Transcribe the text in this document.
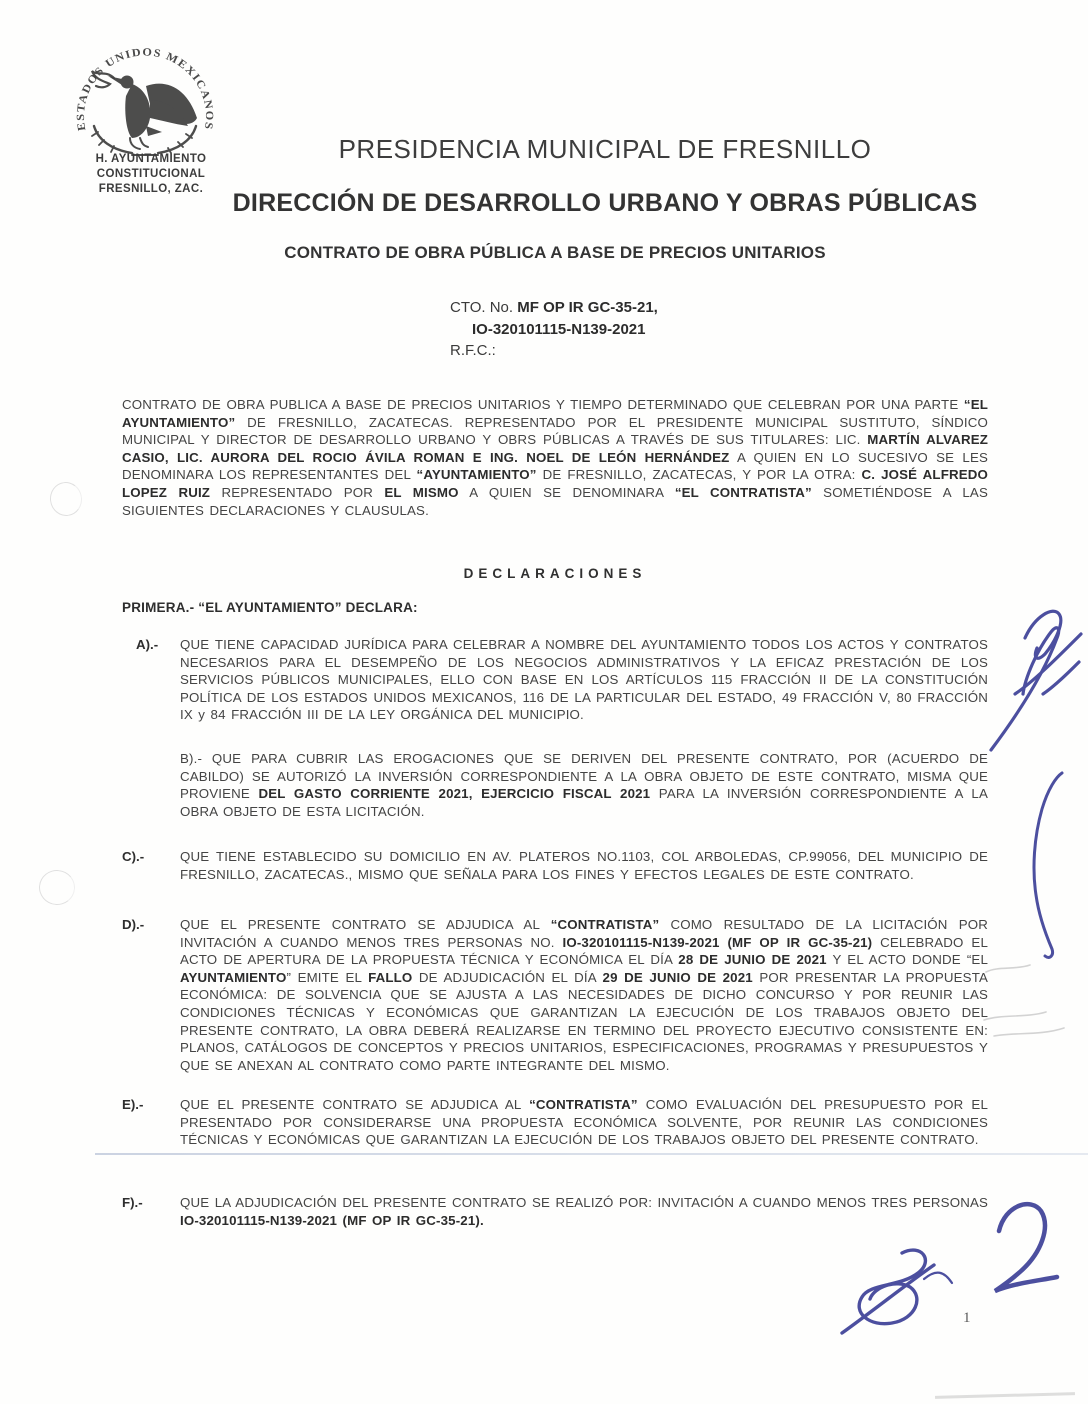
ESTADOS UNIDOS MEXICANOS
H. AYUNTAMIENTO
CONSTITUCIONAL
FRESNILLO, ZAC.
PRESIDENCIA MUNICIPAL DE FRESNILLO
DIRECCIÓN DE DESARROLLO URBANO Y OBRAS PÚBLICAS
CONTRATO DE OBRA PÚBLICA A BASE DE PRECIOS UNITARIOS
CTO. No. MF OP IR GC-35-21,
IO-320101115-N139-2021
R.F.C.:
CONTRATO DE OBRA PUBLICA A BASE DE PRECIOS UNITARIOS Y TIEMPO DETERMINADO QUE CELEBRAN POR UNA PARTE “EL AYUNTAMIENTO” DE FRESNILLO, ZACATECAS. REPRESENTADO POR EL PRESIDENTE MUNICIPAL SUSTITUTO, SÍNDICO MUNICIPAL Y DIRECTOR DE DESARROLLO URBANO Y OBRS PÚBLICAS A TRAVÉS DE SUS TITULARES: LIC. MARTÍN ALVAREZ CASIO, LIC. AURORA DEL ROCIO ÁVILA ROMAN E ING. NOEL DE LEÓN HERNÁNDEZ A QUIEN EN LO SUCESIVO SE LES DENOMINARA LOS REPRESENTANTES DEL “AYUNTAMIENTO” DE FRESNILLO, ZACATECAS, Y POR LA OTRA: C. JOSÉ ALFREDO LOPEZ RUIZ REPRESENTADO POR EL MISMO A QUIEN SE DENOMINARA “EL CONTRATISTA” SOMETIÉNDOSE A LAS SIGUIENTES DECLARACIONES Y CLAUSULAS.
DECLARACIONES
PRIMERA.- “EL AYUNTAMIENTO” DECLARA:
A).-	QUE TIENE CAPACIDAD JURÍDICA PARA CELEBRAR A NOMBRE DEL AYUNTAMIENTO TODOS LOS ACTOS Y CONTRATOS NECESARIOS PARA EL DESEMPEÑO DE LOS NEGOCIOS ADMINISTRATIVOS Y LA EFICAZ PRESTACIÓN DE LOS SERVICIOS PÚBLICOS MUNICIPALES, ELLO CON BASE EN LOS ARTÍCULOS 115 FRACCIÓN II DE LA CONSTITUCIÓN POLÍTICA DE LOS ESTADOS UNIDOS MEXICANOS, 116 DE LA PARTICULAR DEL ESTADO, 49 FRACCIÓN V, 80 FRACCIÓN IX y 84 FRACCIÓN III DE LA LEY ORGÁNICA DEL MUNICIPIO.
B).- QUE PARA CUBRIR LAS EROGACIONES QUE SE DERIVEN DEL PRESENTE CONTRATO, POR (ACUERDO DE CABILDO) SE AUTORIZÓ LA INVERSIÓN CORRESPONDIENTE A LA OBRA OBJETO DE ESTE CONTRATO, MISMA QUE PROVIENE DEL GASTO CORRIENTE 2021, EJERCICIO FISCAL 2021 PARA LA INVERSIÓN CORRESPONDIENTE A LA OBRA OBJETO DE ESTA LICITACIÓN.
C).-	QUE TIENE ESTABLECIDO SU DOMICILIO EN AV. PLATEROS NO.1103, COL ARBOLEDAS, CP.99056, DEL MUNICIPIO DE FRESNILLO, ZACATECAS., MISMO QUE SEÑALA PARA LOS FINES Y EFECTOS LEGALES DE ESTE CONTRATO.
D).-	QUE EL PRESENTE CONTRATO SE ADJUDICA AL “CONTRATISTA” COMO RESULTADO DE LA LICITACIÓN POR INVITACIÓN A CUANDO MENOS TRES PERSONAS NO. IO-320101115-N139-2021 (MF OP IR GC-35-21) CELEBRADO EL ACTO DE APERTURA DE LA PROPUESTA TÉCNICA Y ECONÓMICA EL DÍA 28 DE JUNIO DE 2021 Y EL ACTO DONDE “EL AYUNTAMIENTO” EMITE EL FALLO DE ADJUDICACIÓN EL DÍA 29 DE JUNIO DE 2021 POR PRESENTAR LA PROPUESTA ECONÓMICA: DE SOLVENCIA QUE SE AJUSTA A LAS NECESIDADES DE DICHO CONCURSO Y POR REUNIR LAS CONDICIONES TÉCNICAS Y ECONÓMICAS QUE GARANTIZAN LA EJECUCIÓN DE LOS TRABAJOS OBJETO DEL PRESENTE CONTRATO, LA OBRA DEBERÁ REALIZARSE EN TERMINO DEL PROYECTO EJECUTIVO CONSISTENTE EN: PLANOS, CATÁLOGOS DE CONCEPTOS Y PRECIOS UNITARIOS, ESPECIFICACIONES, PROGRAMAS Y PRESUPUESTOS Y QUE SE ANEXAN AL CONTRATO COMO PARTE INTEGRANTE DEL MISMO.
E).-	QUE EL PRESENTE CONTRATO SE ADJUDICA AL “CONTRATISTA” COMO EVALUACIÓN DEL PRESUPUESTO POR EL PRESENTADO POR CONSIDERARSE UNA PROPUESTA ECONÓMICA SOLVENTE, POR REUNIR LAS CONDICIONES TÉCNICAS Y ECONÓMICAS QUE GARANTIZAN LA EJECUCIÓN DE LOS TRABAJOS OBJETO DEL PRESENTE CONTRATO.
F).-	QUE LA ADJUDICACIÓN DEL PRESENTE CONTRATO SE REALIZÓ POR: INVITACIÓN A CUANDO MENOS TRES PERSONAS IO-320101115-N139-2021 (MF OP IR GC-35-21).
1
